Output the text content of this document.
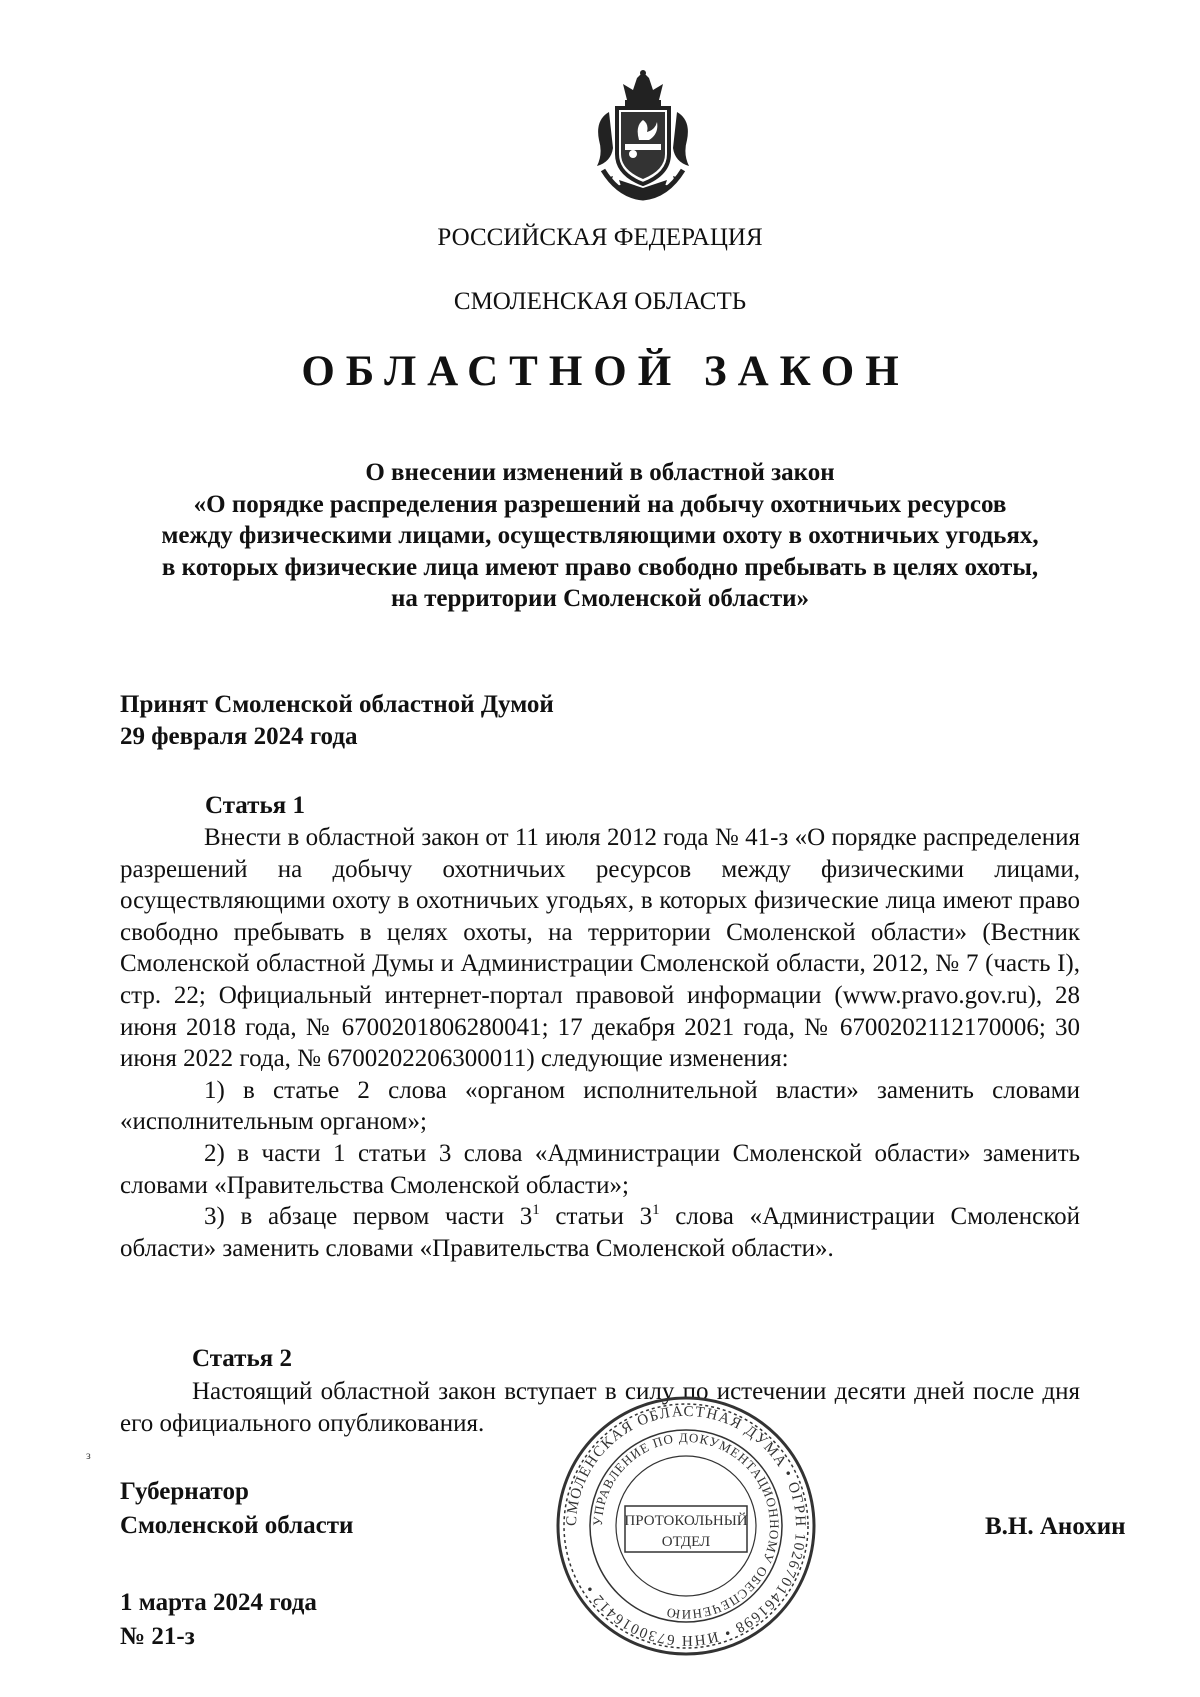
РОССИЙСКАЯ ФЕДЕРАЦИЯ
СМОЛЕНСКАЯ ОБЛАСТЬ
ОБЛАСТНОЙ ЗАКОН
О внесении изменений в областной закон
«О порядке распределения разрешений на добычу охотничьих ресурсов
между физическими лицами, осуществляющими охоту в охотничьих угодьях,
в которых физические лица имеют право свободно пребывать в целях охоты,
на территории Смоленской области»
Принят Смоленской областной Думой
29 февраля 2024 года
Статья 1

Внести в областной закон от 11 июля 2012 года № 41-з «О порядке распределения разрешений на добычу охотничьих ресурсов между физическими лицами, осуществляющими охоту в охотничьих угодьях, в которых физические лица имеют право свободно пребывать в целях охоты, на территории Смоленской области» (Вестник Смоленской областной Думы и Администрации Смоленской области, 2012, № 7 (часть I), стр. 22; Официальный интернет-портал правовой информации (www.pravo.gov.ru), 28 июня 2018 года, № 6700201806280041; 17 декабря 2021 года, № 6700202112170006; 30 июня 2022 года, № 6700202206300011) следующие изменения:

1) в статье 2 слова «органом исполнительной власти» заменить словами «исполнительным органом»;

2) в части 1 статьи 3 слова «Администрации Смоленской области» заменить словами «Правительства Смоленской области»;

3) в абзаце первом части $3^1$ статьи $3^1$ слова «Администрации Смоленской области» заменить словами «Правительства Смоленской области».

Статья 2

Настоящий областной закон вступает в силу по истечении десяти дней после дня его официального опубликования.

з
Губернатор
Смоленской области	В.Н. Анохин
1 марта 2024 года
№ 21-з
СМОЛЕНСКАЯ ОБЛАСТНАЯ ДУМА • ОГРН 1026701461698 • ИНН 6730016412 •
УПРАВЛЕНИЕ ПО ДОКУМЕНТАЦИОННОМУ ОБЕСПЕЧЕНИЮ
ПРОТОКОЛЬНЫЙ
ОТДЕЛ
